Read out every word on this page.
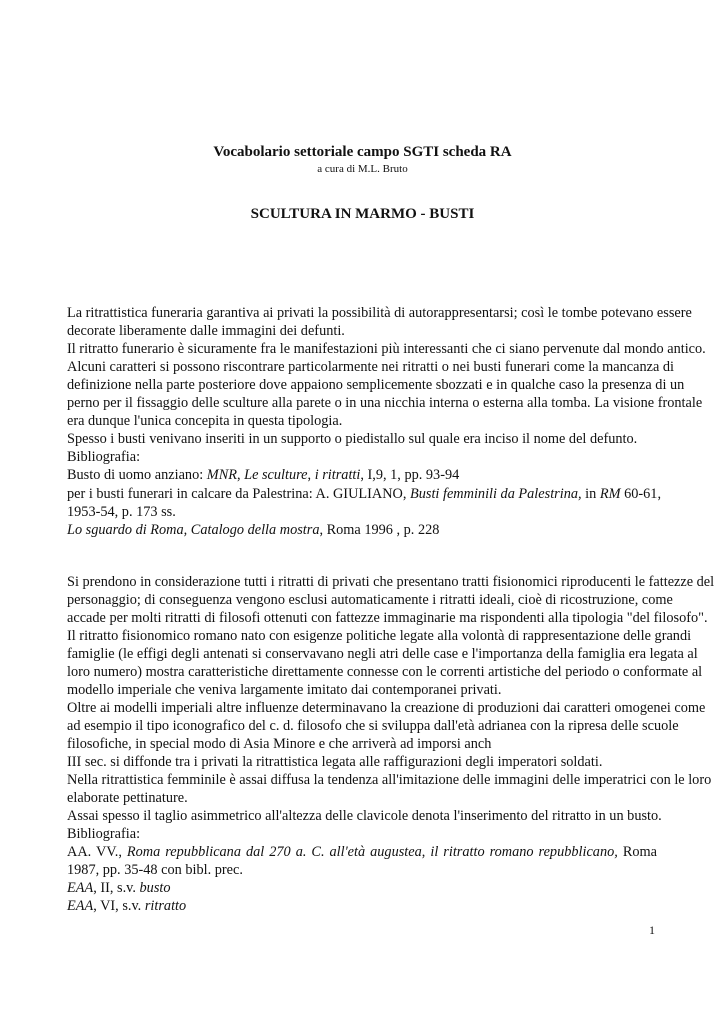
Vocabolario settoriale campo SGTI scheda RA
a cura di M.L. Bruto
SCULTURA IN MARMO - BUSTI
La ritrattistica funeraria garantiva ai privati la possibilità di autorappresentarsi; così le tombe potevano essere
decorate liberamente dalle immagini dei defunti.
Il ritratto funerario è sicuramente fra le manifestazioni più interessanti che ci siano pervenute dal mondo antico.
Alcuni caratteri si possono riscontrare particolarmente nei ritratti o nei busti funerari come la mancanza di
definizione nella parte posteriore dove appaiono semplicemente sbozzati e in qualche caso la presenza di un
perno per il fissaggio delle sculture alla parete o in una nicchia interna o esterna alla tomba. La visione frontale
era dunque l'unica concepita in questa tipologia.
Spesso i busti venivano inseriti in un supporto o piedistallo sul quale era inciso il nome del defunto.
Bibliografia:
Busto di uomo anziano: MNR, Le sculture, i ritratti, I,9, 1, pp. 93-94
per i busti funerari in calcare da Palestrina: A. GIULIANO, Busti femminili da Palestrina, in RM 60-61,
1953-54, p. 173 ss.
Lo sguardo di Roma, Catalogo della mostra, Roma 1996 , p. 228
Si prendono in considerazione tutti i ritratti di privati che presentano tratti fisionomici riproducenti le fattezze del
personaggio; di conseguenza vengono esclusi automaticamente i ritratti ideali, cioè di ricostruzione, come
accade per molti ritratti di filosofi ottenuti con fattezze immaginarie ma rispondenti alla tipologia "del filosofo".
Il ritratto fisionomico romano nato con esigenze politiche legate alla volontà di rappresentazione delle grandi
famiglie (le effigi degli antenati si conservavano negli atri delle case e l'importanza della famiglia era legata al
loro numero) mostra caratteristiche direttamente connesse con le correnti artistiche del periodo o conformate al
modello imperiale che veniva largamente imitato dai contemporanei privati.
Oltre ai modelli imperiali altre influenze determinavano la creazione di produzioni dai caratteri omogenei come
ad esempio il tipo iconografico del c. d. filosofo che si sviluppa dall'età adrianea con la ripresa delle scuole
filosofiche, in special modo di Asia Minore e che arriverà ad imporsi anch
III sec. si diffonde tra i privati la ritrattistica legata alle raffigurazioni degli imperatori soldati.
Nella ritrattistica femminile è assai diffusa la tendenza all'imitazione delle immagini delle imperatrici con le loro
elaborate pettinature.
Assai spesso il taglio asimmetrico all'altezza delle clavicole denota l'inserimento del ritratto in un busto.
Bibliografia:
AA. VV., Roma repubblicana dal 270 a. C. all'età augustea, il ritratto romano repubblicano, Roma
1987, pp. 35-48 con bibl. prec.
EAA, II, s.v. busto
EAA, VI, s.v. ritratto
1
